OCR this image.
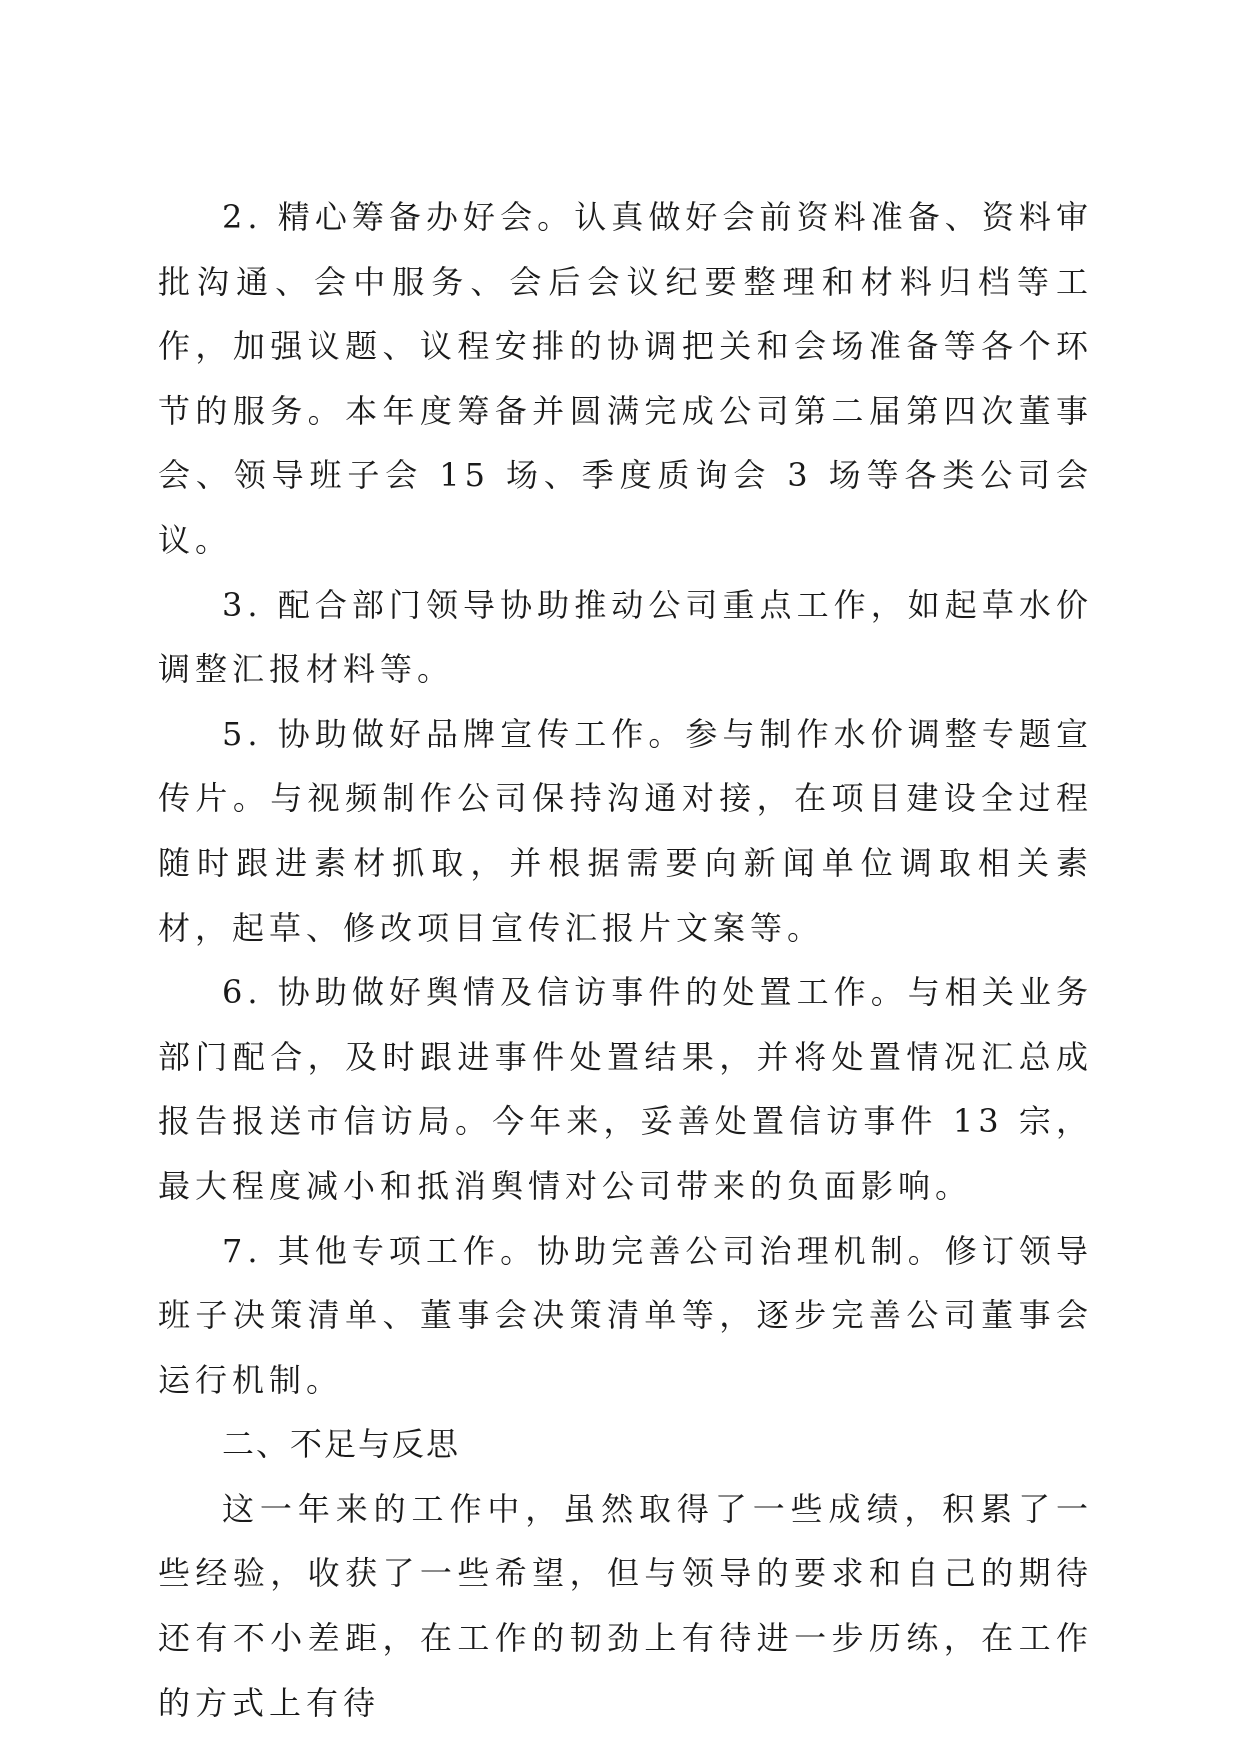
2. 精心筹备办好会。认真做好会前资料准备、资料审批沟通、会中服务、会后会议纪要整理和材料归档等工作，加强议题、议程安排的协调把关和会场准备等各个环节的服务。本年度筹备并圆满完成公司第二届第四次董事会、领导班子会 15 场、季度质询会 3 场等各类公司会议。

3. 配合部门领导协助推动公司重点工作，如起草水价调整汇报材料等。

5. 协助做好品牌宣传工作。参与制作水价调整专题宣传片。与视频制作公司保持沟通对接，在项目建设全过程随时跟进素材抓取，并根据需要向新闻单位调取相关素材，起草、修改项目宣传汇报片文案等。

6. 协助做好舆情及信访事件的处置工作。与相关业务部门配合，及时跟进事件处置结果，并将处置情况汇总成报告报送市信访局。今年来，妥善处置信访事件 13 宗，最大程度减小和抵消舆情对公司带来的负面影响。

7. 其他专项工作。协助完善公司治理机制。修订领导班子决策清单、董事会决策清单等，逐步完善公司董事会运行机制。

二、不足与反思

这一年来的工作中，虽然取得了一些成绩，积累了一些经验，收获了一些希望，但与领导的要求和自己的期待还有不小差距，在工作的韧劲上有待进一步历练，在工作的方式上有待
